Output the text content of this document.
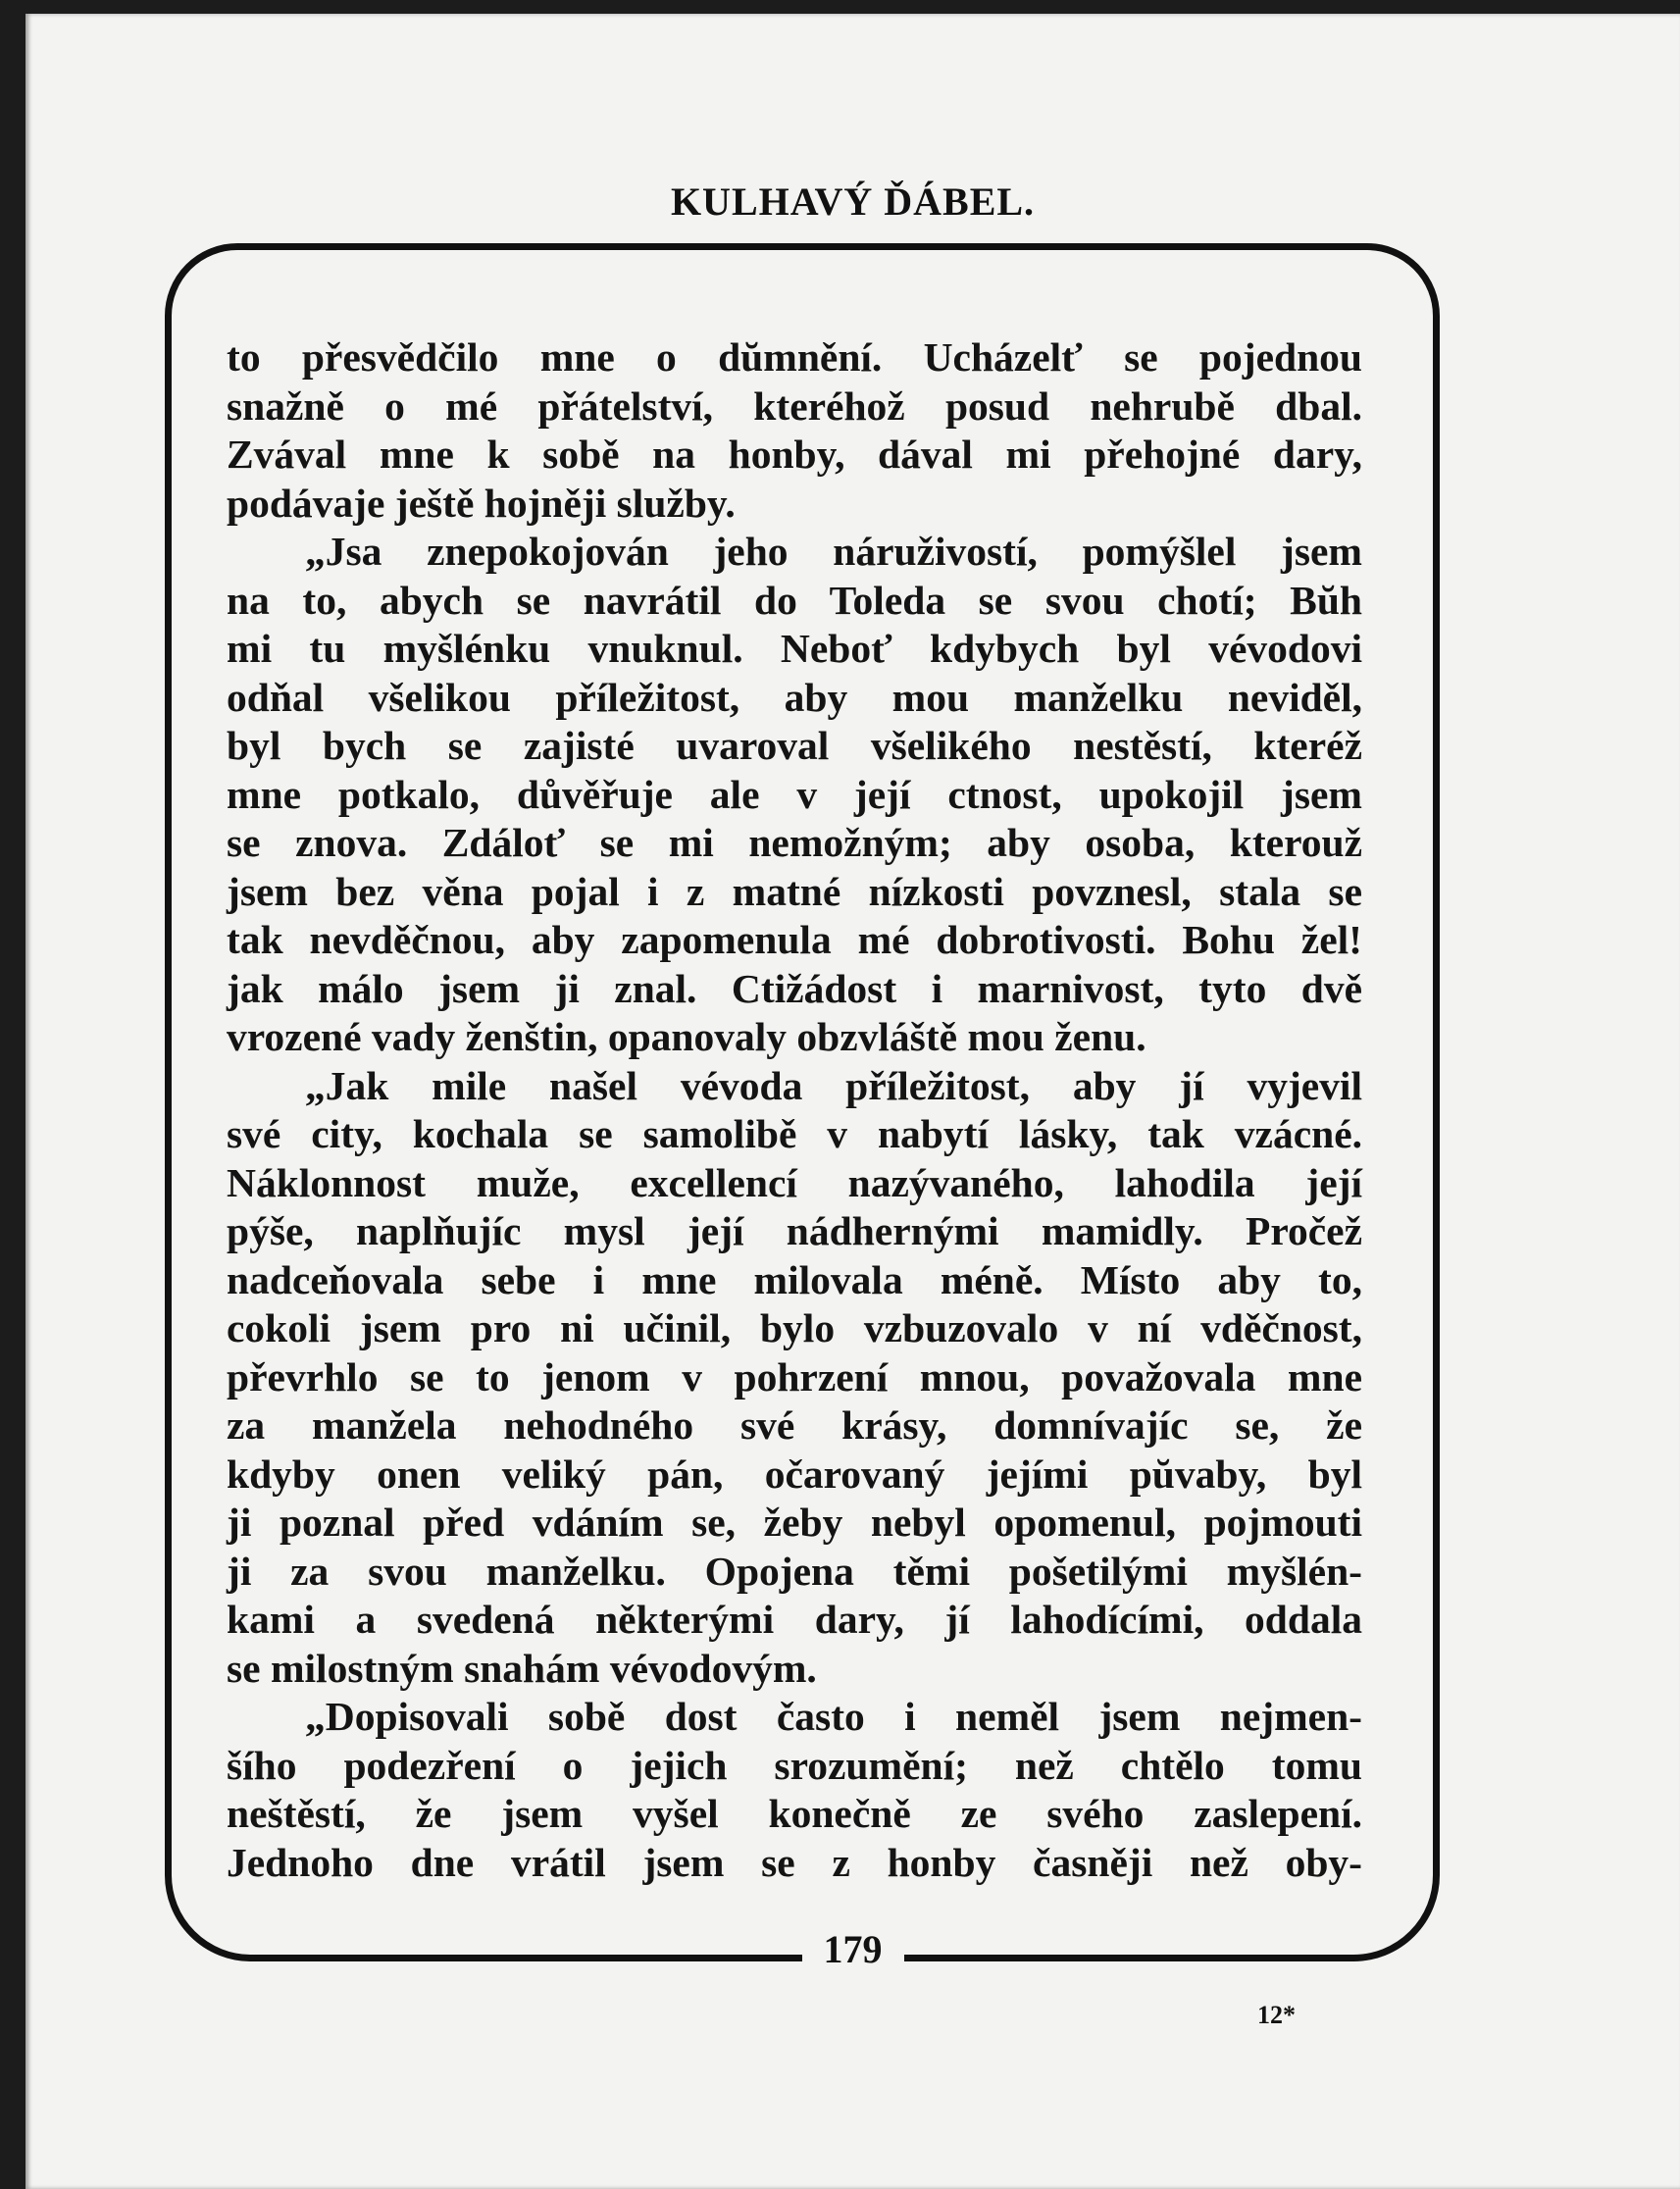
KULHAVÝ ĎÁBEL.
to přesvědčilo mne o dŭmnění. Ucházelť se pojednou
snažně o mé přátelství, kteréhož posud nehrubě dbal.
Zvával mne k sobě na honby, dával mi přehojné dary,
podávaje ještě hojněji služby.
„Jsa znepokojován jeho náruživostí, pomýšlel jsem
na to, abych se navrátil do Toleda se svou chotí; Bŭh
mi tu myšlénku vnuknul. Neboť kdybych byl vévodovi
odňal všelikou příležitost, aby mou manželku neviděl,
byl bych se zajisté uvaroval všelikého nestěstí, kteréž
mne potkalo, důvěřuje ale v její ctnost, upokojil jsem
se znova. Zdáloť se mi nemožným; aby osoba, kterouž
jsem bez věna pojal i z matné nízkosti povznesl, stala se
tak nevděčnou, aby zapomenula mé dobrotivosti. Bohu žel!
jak málo jsem ji znal. Ctižádost i marnivost, tyto dvě
vrozené vady ženštin, opanovaly obzvláště mou ženu.
„Jak mile našel vévoda příležitost, aby jí vyjevil
své city, kochala se samolibě v nabytí lásky, tak vzácné.
Náklonnost muže, excellencí nazývaného, lahodila její
pýše, naplňujíc mysl její nádhernými mamidly. Pročež
nadceňovala sebe i mne milovala méně. Místo aby to,
cokoli jsem pro ni učinil, bylo vzbuzovalo v ní vděčnost,
převrhlo se to jenom v pohrzení mnou, považovala mne
za manžela nehodného své krásy, domnívajíc se, že
kdyby onen veliký pán, očarovaný jejími pŭvaby, byl
ji poznal před vdáním se, žeby nebyl opomenul, pojmouti
ji za svou manželku. Opojena těmi pošetilými myšlén-
kami a svedená některými dary, jí lahodícími, oddala
se milostným snahám vévodovým.
„Dopisovali sobě dost často i neměl jsem nejmen-
šího podezření o jejich srozumění; než chtělo tomu
neštěstí, že jsem vyšel konečně ze svého zaslepení.
Jednoho dne vrátil jsem se z honby časněji než oby-
179
12*
